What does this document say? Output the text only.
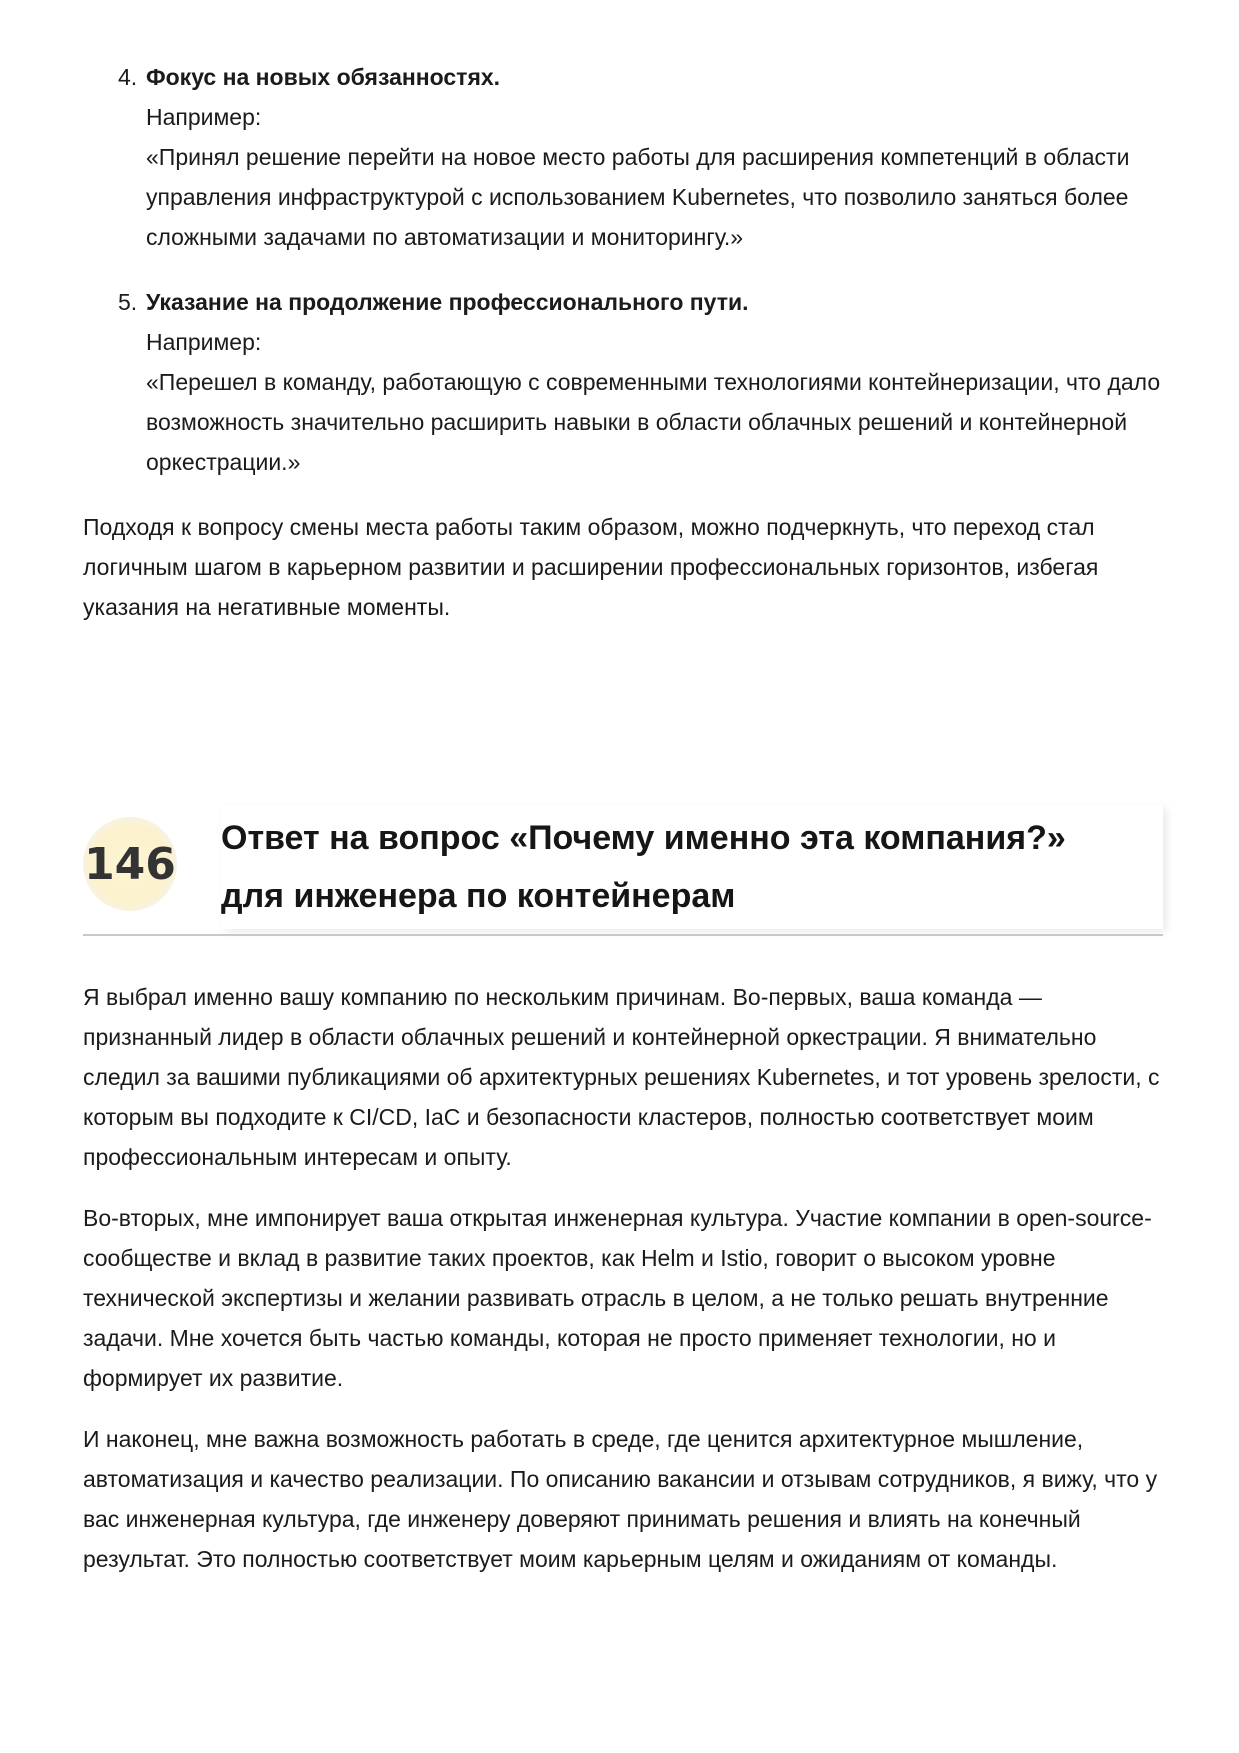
4. Фокус на новых обязанностях.

Например:

«Принял решение перейти на новое место работы для расширения компетенций в области управления инфраструктурой с использованием Kubernetes, что позволило заняться более сложными задачами по автоматизации и мониторингу.»

5. Указание на продолжение профессионального пути.

Например:

«Перешел в команду, работающую с современными технологиями контейнеризации, что дало возможность значительно расширить навыки в области облачных решений и контейнерной оркестрации.»

Подходя к вопросу смены места работы таким образом, можно подчеркнуть, что переход стал логичным шагом в карьерном развитии и расширении профессиональных горизонтов, избегая указания на негативные моменты.

146
Ответ на вопрос «Почему именно эта компания?»
для инженера по контейнерам

Я выбрал именно вашу компанию по нескольким причинам. Во-первых, ваша команда — признанный лидер в области облачных решений и контейнерной оркестрации. Я внимательно следил за вашими публикациями об архитектурных решениях Kubernetes, и тот уровень зрелости, с которым вы подходите к CI/CD, IaC и безопасности кластеров, полностью соответствует моим профессиональным интересам и опыту.

Во-вторых, мне импонирует ваша открытая инженерная культура. Участие компании в open-source-сообществе и вклад в развитие таких проектов, как Helm и Istio, говорит о высоком уровне технической экспертизы и желании развивать отрасль в целом, а не только решать внутренние задачи. Мне хочется быть частью команды, которая не просто применяет технологии, но и формирует их развитие.

И наконец, мне важна возможность работать в среде, где ценится архитектурное мышление, автоматизация и качество реализации. По описанию вакансии и отзывам сотрудников, я вижу, что у вас инженерная культура, где инженеру доверяют принимать решения и влиять на конечный результат. Это полностью соответствует моим карьерным целям и ожиданиям от команды.
